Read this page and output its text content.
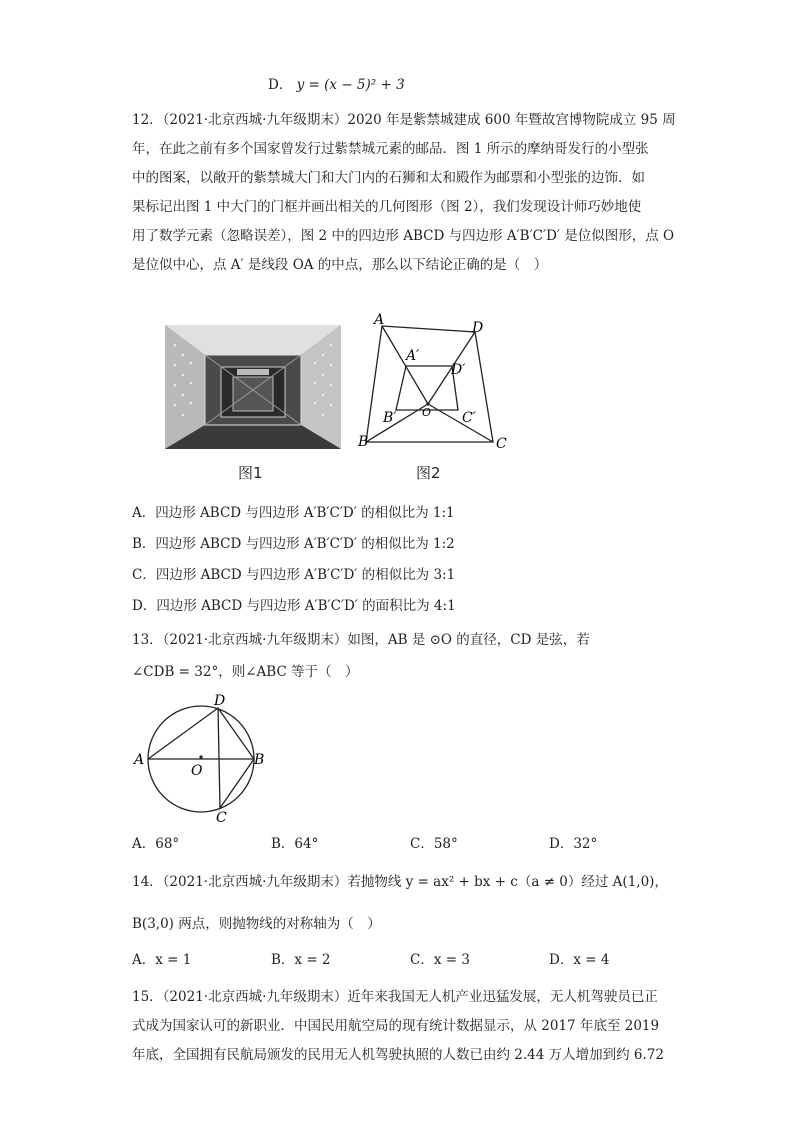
D． y = (x − 5)² + 3
12．（2021·北京西城·九年级期末）2020 年是紫禁城建成 600 年暨故宫博物院成立 95 周
年，在此之前有多个国家曾发行过紫禁城元素的邮品．图 1 所示的摩纳哥发行的小型张
中的图案，以敞开的紫禁城大门和大门内的石狮和太和殿作为邮票和小型张的边饰．如
果标记出图 1 中大门的门框并画出相关的几何图形（图 2），我们发现设计师巧妙地使
用了数学元素（忽略误差），图 2 中的四边形 ABCD 与四边形 A′B′C′D′ 是位似图形，点 O
是位似中心，点 A′ 是线段 OA 的中点，那么以下结论正确的是（　）
图1
A	D
A′
D′
O
B′	C′
B	C
图2
A．四边形 ABCD 与四边形 A′B′C′D′ 的相似比为 1:1
B．四边形 ABCD 与四边形 A′B′C′D′ 的相似比为 1:2
C．四边形 ABCD 与四边形 A′B′C′D′ 的相似比为 3:1
D．四边形 ABCD 与四边形 A′B′C′D′ 的面积比为 4:1
13．（2021·北京西城·九年级期末）如图，AB 是 ⊙O 的直径，CD 是弦，若
∠CDB = 32°，则∠ABC 等于（　）
D
A	B
O
C
A．68°	B．64°	C．58°	D．32°
14．（2021·北京西城·九年级期末）若抛物线 y = ax² + bx + c（a ≠ 0）经过 A(1,0)，
B(3,0) 两点，则抛物线的对称轴为（　）
A．x = 1	B．x = 2	C．x = 3	D．x = 4
15．（2021·北京西城·九年级期末）近年来我国无人机产业迅猛发展，无人机驾驶员已正
式成为国家认可的新职业．中国民用航空局的现有统计数据显示，从 2017 年底至 2019
年底，全国拥有民航局颁发的民用无人机驾驶执照的人数已由约 2.44 万人增加到约 6.72
